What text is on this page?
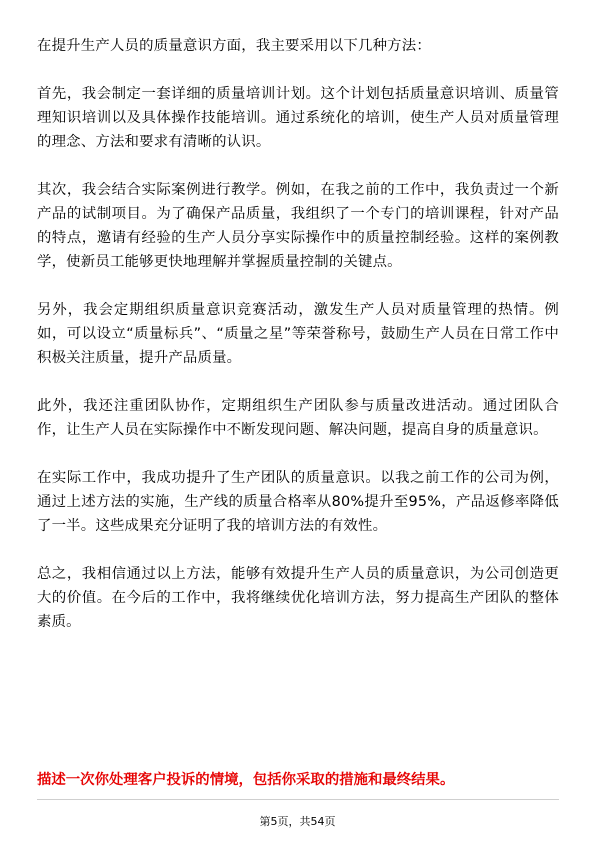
在提升生产人员的质量意识方面，我主要采用以下几种方法：

首先，我会制定一套详细的质量培训计划。这个计划包括质量意识培训、质量管理知识培训以及具体操作技能培训。通过系统化的培训，使生产人员对质量管理的理念、方法和要求有清晰的认识。

其次，我会结合实际案例进行教学。例如，在我之前的工作中，我负责过一个新产品的试制项目。为了确保产品质量，我组织了一个专门的培训课程，针对产品的特点，邀请有经验的生产人员分享实际操作中的质量控制经验。这样的案例教学，使新员工能够更快地理解并掌握质量控制的关键点。

另外，我会定期组织质量意识竞赛活动，激发生产人员对质量管理的热情。例如，可以设立“质量标兵”、“质量之星”等荣誉称号，鼓励生产人员在日常工作中积极关注质量，提升产品质量。

此外，我还注重团队协作，定期组织生产团队参与质量改进活动。通过团队合作，让生产人员在实际操作中不断发现问题、解决问题，提高自身的质量意识。

在实际工作中，我成功提升了生产团队的质量意识。以我之前工作的公司为例，通过上述方法的实施，生产线的质量合格率从80%提升至95%，产品返修率降低了一半。这些成果充分证明了我的培训方法的有效性。

总之，我相信通过以上方法，能够有效提升生产人员的质量意识，为公司创造更大的价值。在今后的工作中，我将继续优化培训方法，努力提高生产团队的整体素质。

描述一次你处理客户投诉的情境，包括你采取的措施和最终结果。

第5页，共54页
